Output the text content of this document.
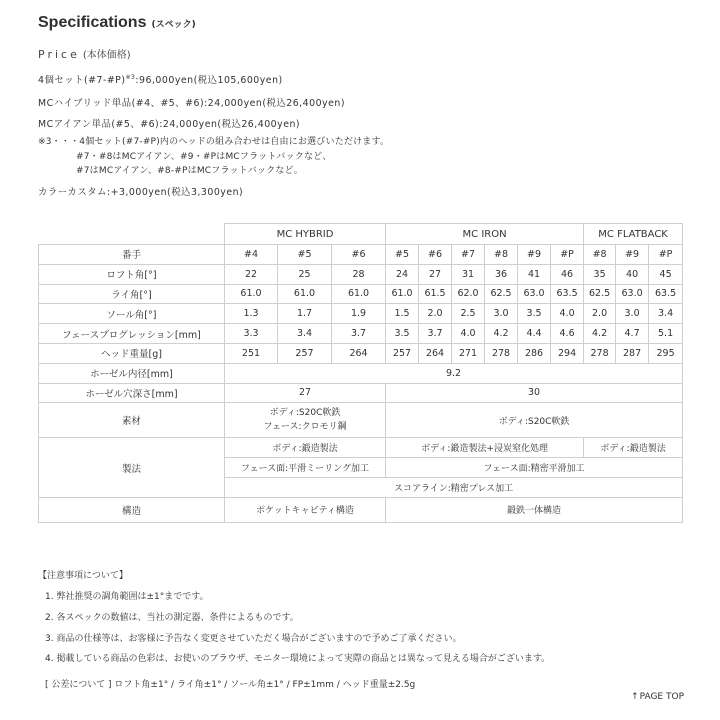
Specifications (スペック)
Price (本体価格)
4個セット(#7-#P)$^{※3}$:96,000yen(税込105,600yen)
MCハイブリッド単品(#4、#5、#6):24,000yen(税込26,400yen)
MCアイアン単品(#5、#6):24,000yen(税込26,400yen)
※3・・・4個セット(#7-#P)内のヘッドの組み合わせは自由にお選びいただけます。
#7・#8はMCアイアン、#9・#PはMCフラットバックなど、
#7はMCアイアン、#8-#PはMCフラットバックなど。
カラーカスタム:+3,000yen(税込3,300yen)
	MC HYBRID			MC IRON						MC FLATBACK		
番手	#4	#5	#6	#5	#6	#7	#8	#9	#P	#8	#9	#P
ロフト角[°]	22	25	28	24	27	31	36	41	46	35	40	45
ライ角[°]	61.0	61.0	61.0	61.0	61.5	62.0	62.5	63.0	63.5	62.5	63.0	63.5
ソール角[°]	1.3	1.7	1.9	1.5	2.0	2.5	3.0	3.5	4.0	2.0	3.0	3.4
フェースプログレッション[mm]	3.3	3.4	3.7	3.5	3.7	4.0	4.2	4.4	4.6	4.2	4.7	5.1
ヘッド重量[g]	251	257	264	257	264	271	278	286	294	278	287	295
ホーゼル内径[mm]	9.2											
ホーゼル穴深さ[mm]	27			30								
素材	ボディ:S20C軟鉄
フェース:クロモリ鋼			ボディ:S20C軟鉄								
製法	ボディ:鍛造製法			ボディ:鍛造製法+浸炭窒化処理						ボディ:鍛造製法		
	フェース面:平滑ミーリング加工			フェース面:精密平滑加工								
	スコアライン:精密プレス加工											
構造	ポケットキャビティ構造			鍛鉄一体構造								
【注意事項について】
1. 弊社推奨の調角範囲は±1°までです。
2. 各スペックの数値は、当社の測定器、条件によるものです。
3. 商品の仕様等は、お客様に予告なく変更させていただく場合がございますので予めご了承ください。
4. 掲載している商品の色彩は、お使いのブラウザ、モニター環境によって実際の商品とは異なって見える場合がございます。
[ 公差について ] ロフト角±1° / ライ角±1° / ソール角±1° / FP±1mm / ヘッド重量±2.5g
↑PAGE TOP
